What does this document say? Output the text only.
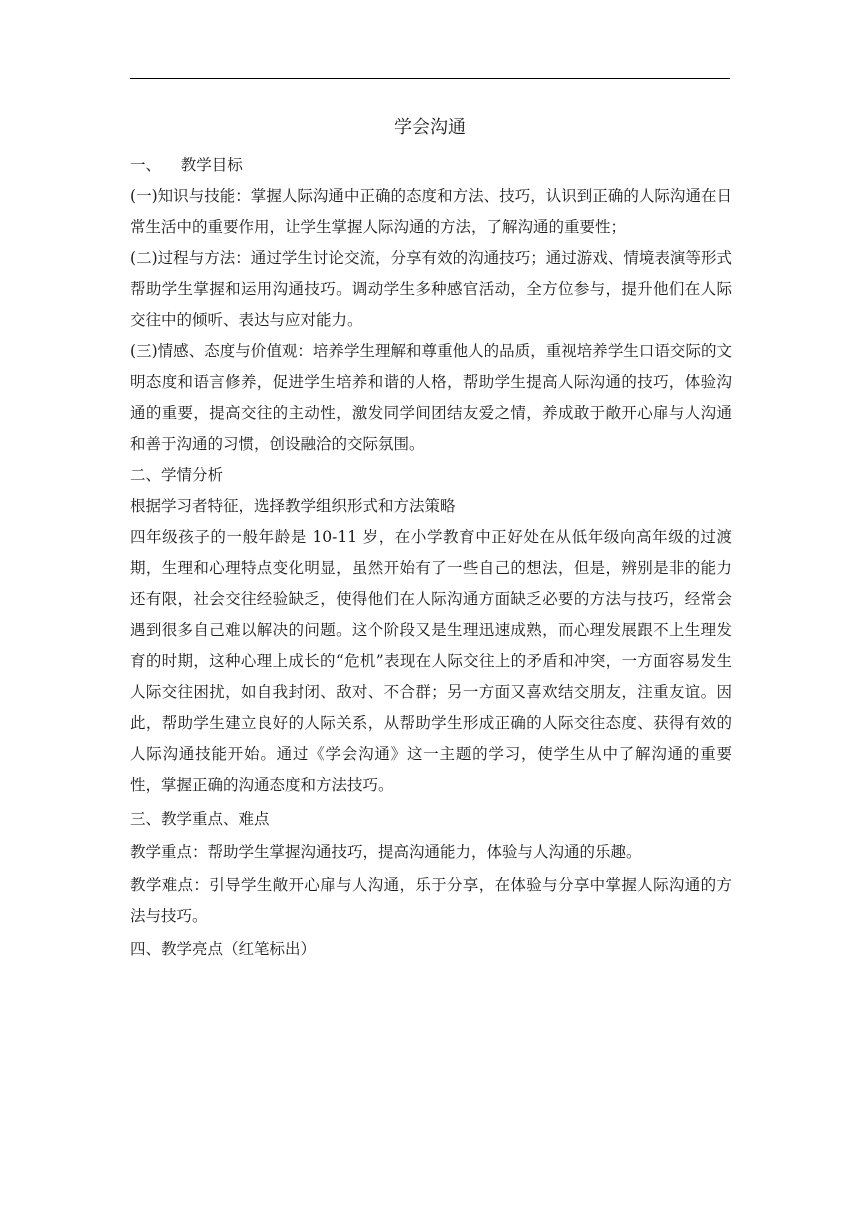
学会沟通

一、    教学目标

(一)知识与技能：掌握人际沟通中正确的态度和方法、技巧，认识到正确的人际沟通在日常生活中的重要作用，让学生掌握人际沟通的方法，了解沟通的重要性；

(二)过程与方法：通过学生讨论交流，分享有效的沟通技巧；通过游戏、情境表演等形式帮助学生掌握和运用沟通技巧。调动学生多种感官活动，全方位参与，提升他们在人际交往中的倾听、表达与应对能力。

(三)情感、态度与价值观：培养学生理解和尊重他人的品质，重视培养学生口语交际的文明态度和语言修养，促进学生培养和谐的人格，帮助学生提高人际沟通的技巧，体验沟通的重要，提高交往的主动性，激发同学间团结友爱之情，养成敢于敞开心扉与人沟通和善于沟通的习惯，创设融洽的交际氛围。

二、学情分析

根据学习者特征，选择教学组织形式和方法策略

四年级孩子的一般年龄是 10-11 岁，在小学教育中正好处在从低年级向高年级的过渡期，生理和心理特点变化明显，虽然开始有了一些自己的想法，但是，辨别是非的能力还有限，社会交往经验缺乏，使得他们在人际沟通方面缺乏必要的方法与技巧，经常会遇到很多自己难以解决的问题。这个阶段又是生理迅速成熟，而心理发展跟不上生理发育的时期，这种心理上成长的“危机”表现在人际交往上的矛盾和冲突，一方面容易发生人际交往困扰，如自我封闭、敌对、不合群；另一方面又喜欢结交朋友，注重友谊。因此，帮助学生建立良好的人际关系，从帮助学生形成正确的人际交往态度、获得有效的人际沟通技能开始。通过《学会沟通》这一主题的学习，使学生从中了解沟通的重要性，掌握正确的沟通态度和方法技巧。

三、教学重点、难点

教学重点：帮助学生掌握沟通技巧，提高沟通能力，体验与人沟通的乐趣。

教学难点：引导学生敞开心扉与人沟通，乐于分享，在体验与分享中掌握人际沟通的方法与技巧。

四、教学亮点（红笔标出）
